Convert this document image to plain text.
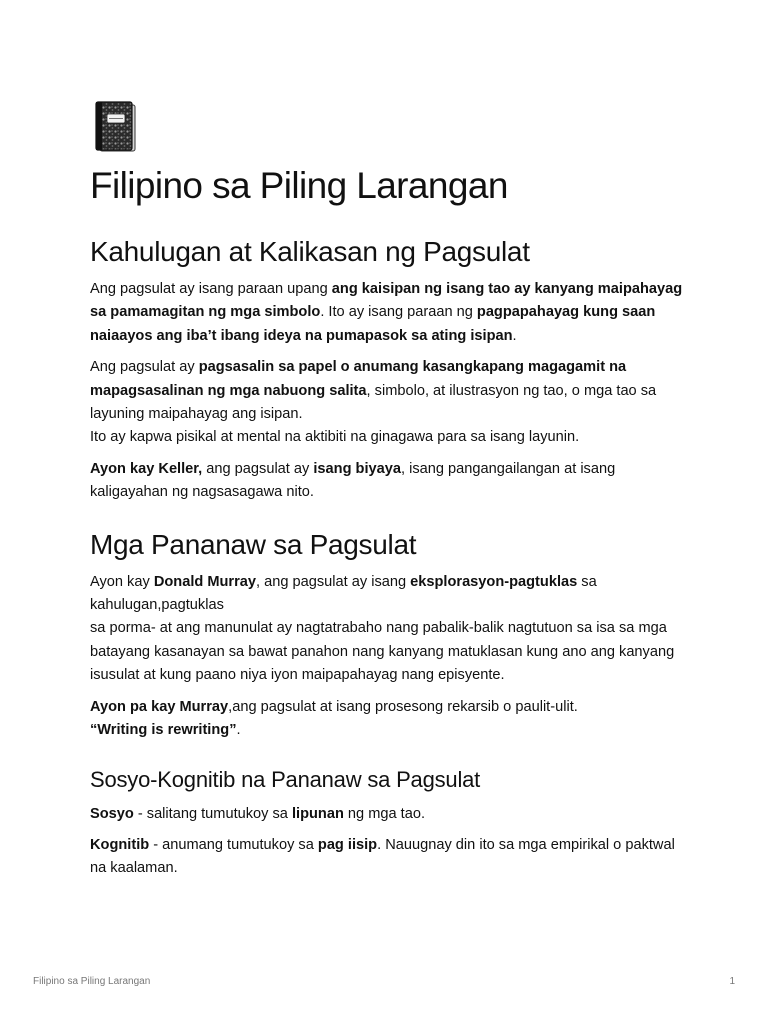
Filipino sa Piling Larangan
Kahulugan at Kalikasan ng Pagsulat

Ang pagsulat ay isang paraan upang ang kaisipan ng isang tao ay kanyang maipahayag sa pamamagitan ng mga simbolo. Ito ay isang paraan ng pagpapahayag kung saan naiaayos ang iba’t ibang ideya na pumapasok sa ating isipan.

Ang pagsulat ay pagsasalin sa papel o anumang kasangkapang magagamit na mapagsasalinan ng mga nabuong salita, simbolo, at ilustrasyon ng tao, o mga tao sa layuning maipahayag ang isipan.
Ito ay kapwa pisikal at mental na aktibiti na ginagawa para sa isang layunin.

Ayon kay Keller, ang pagsulat ay isang biyaya, isang pangangailangan at isang kaligayahan ng nagsasagawa nito.

Mga Pananaw sa Pagsulat

Ayon kay Donald Murray, ang pagsulat ay isang eksplorasyon-pagtuklas sa kahulugan,pagtuklas
sa porma- at ang manunulat ay nagtatrabaho nang pabalik-balik nagtutuon sa isa sa mga batayang kasanayan sa bawat panahon nang kanyang matuklasan kung ano ang kanyang isusulat at kung paano niya iyon maipapahayag nang episyente.

Ayon pa kay Murray,ang pagsulat at isang prosesong rekarsib o paulit-ulit.
“Writing is rewriting”.

Sosyo-Kognitib na Pananaw sa Pagsulat

Sosyo - salitang tumutukoy sa lipunan ng mga tao.

Kognitib - anumang tumutukoy sa pag iisip. Nauugnay din ito sa mga empirikal o paktwal na kaalaman.

Filipino sa Piling Larangan	1
